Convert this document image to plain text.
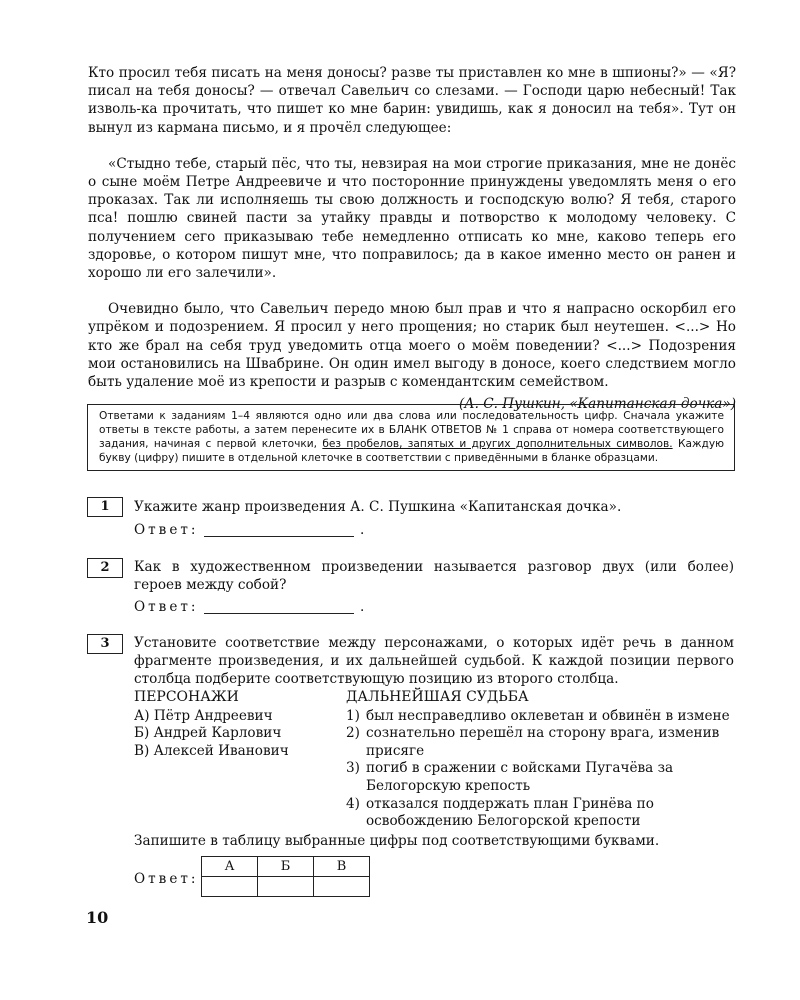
Кто просил тебя писать на меня доносы? разве ты приставлен ко мне в шпионы?» — «Я? писал на тебя доносы? — отвечал Савельич со слезами. — Господи царю небесный! Так изволь-ка прочитать, что пишет ко мне барин: увидишь, как я доносил на тебя». Тут он вынул из кармана письмо, и я прочёл следующее:

«Стыдно тебе, старый пёс, что ты, невзирая на мои строгие приказания, мне не донёс о сыне моём Петре Андреевиче и что посторонние принуждены уведомлять меня о его проказах. Так ли исполняешь ты свою должность и господскую волю? Я тебя, старого пса! пошлю свиней пасти за утайку правды и потворство к молодому человеку. С получением сего приказываю тебе немедленно отписать ко мне, каково теперь его здоровье, о котором пишут мне, что поправилось; да в какое именно место он ранен и хорошо ли его залечили».

Очевидно было, что Савельич передо мною был прав и что я напрасно оскорбил его упрёком и подозрением. Я просил у него прощения; но старик был неутешен. <...> Но кто же брал на себя труд уведомить отца моего о моём поведении? <...> Подозрения мои остановились на Швабрине. Он один имел выгоду в доносе, коего следствием могло быть удаление моё из крепости и разрыв с комендантским семейством.

(А. С. Пушкин, «Капитанская дочка»)
Ответами к заданиям 1–4 являются одно или два слова или последовательность цифр. Сначала укажите ответы в тексте работы, а затем перенесите их в БЛАНК ОТВЕТОВ № 1 справа от номера соответствующего задания, начиная с первой клеточки, без пробелов, запятых и других дополнительных символов. Каждую букву (цифру) пишите в отдельной клеточке в соответствии с приведёнными в бланке образцами.
1	Укажите жанр произведения А. С. Пушкина «Капитанская дочка».
Ответ:	.
2	Как в художественном произведении называется разговор двух (или более) героев между собой?
Ответ:	.
3	Установите соответствие между персонажами, о которых идёт речь в данном фрагменте произведения, и их дальнейшей судьбой. К каждой позиции первого столбца подберите соответствующую позицию из второго столбца.
ПЕРСОНАЖИ
А) Пётр Андреевич
Б) Андрей Карлович
В) Алексей Иванович
ДАЛЬНЕЙШАЯ СУДЬБА
1) был несправедливо оклеветан и обвинён в измене
2) сознательно перешёл на сторону врага, изменив присяге
3) погиб в сражении с войсками Пугачёва за Белогорскую крепость
4) отказался поддержать план Гринёва по освобождению Белогорской крепости
Запишите в таблицу выбранные цифры под соответствующими буквами.
Ответ:
А	Б	В

10
